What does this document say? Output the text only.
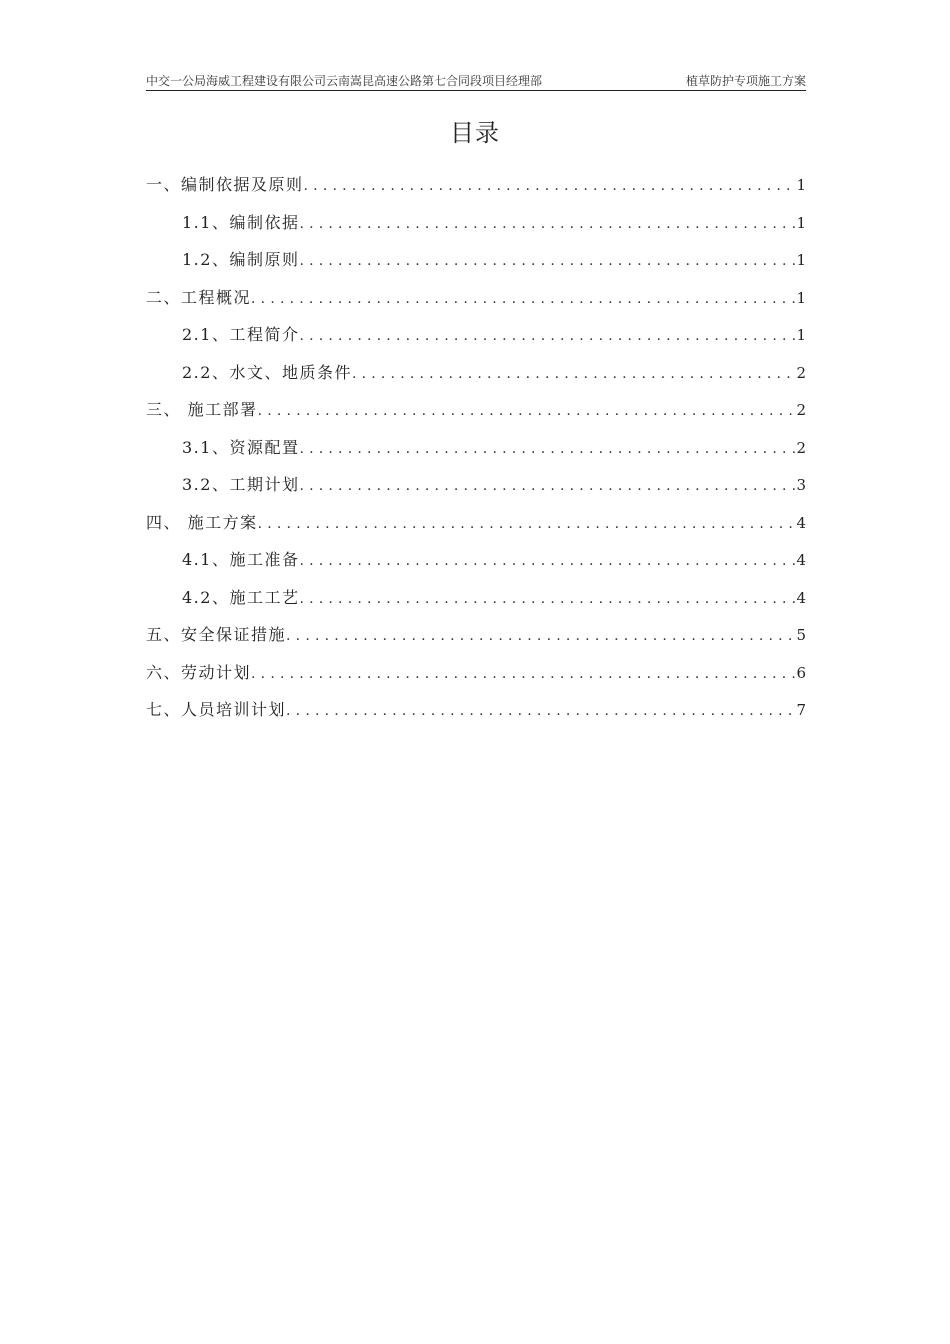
中交一公局海威工程建设有限公司云南嵩昆高速公路第七合同段项目经理部	植草防护专项施工方案
目录
一、编制依据及原则 .....	1
1.1、编制依据 .....	1
1.2、编制原则 .....	1
二、工程概况 .....	1
2.1、工程简介 .....	1
2.2、水文、地质条件 .....	2
三、 施工部署 .....	2
3.1、资源配置 .....	2
3.2、工期计划 .....	3
四、 施工方案 .....	4
4.1、施工准备 .....	4
4.2、施工工艺 .....	4
五、安全保证措施 .....	5
六、劳动计划 .....	6
七、人员培训计划 .....	7
